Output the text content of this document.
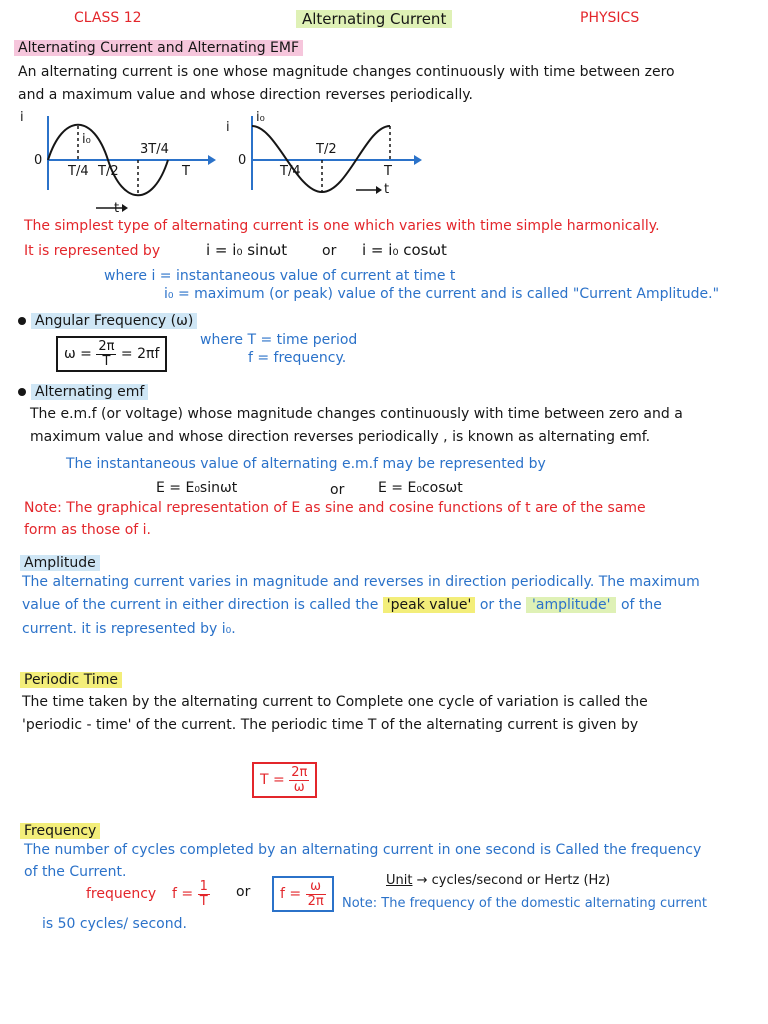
CLASS 12	Alternating Current	PHYSICS
Alternating Current and Alternating EMF
An alternating current is one whose magnitude changes continuously with time between zero
and a maximum value and whose direction reverses periodically.
i
0
i₀
T/4 T/2
3T/4
T
t
i
i₀
0
T/4
T/2
T
t
The simplest type of alternating current is one which varies with time simple harmonically.
It is represented by	i = i₀ sinωt or i = i₀ cosωt
where i = instantaneous value of current at time t
i₀ = maximum (or peak) value of the current and is called "Current Amplitude."
Angular Frequency (ω)
$\omega = \frac{2\pi}{T} = 2\pi f$
where T = time period
f = frequency.
Alternating emf
The e.m.f (or voltage) whose magnitude changes continuously with time between zero and a
maximum value and whose direction reverses periodically , is known as alternating emf.
The instantaneous value of alternating e.m.f may be represented by
E = E₀sinωt	or E = E₀cosωt
Note: The graphical representation of E as sine and cosine functions of t are of the same
form as those of i.
Amplitude
The alternating current varies in magnitude and reverses in direction periodically. The maximum
value of the current in either direction is called the 'peak value' or the 'amplitude' of the
current. it is represented by i₀.
Periodic Time
The time taken by the alternating current to Complete one cycle of variation is called the
'periodic - time' of the current. The periodic time T of the alternating current is given by
$T = \frac{2\pi}{\omega}$
Frequency
The number of cycles completed by an alternating current in one second is Called the frequency
of the Current.
frequency $f = \frac{1}{T}$ or	$f = \frac{\omega}{2\pi}$	Unit → cycles/second or Hertz (Hz)
Note: The frequency of the domestic alternating current
is 50 cycles/ second.
